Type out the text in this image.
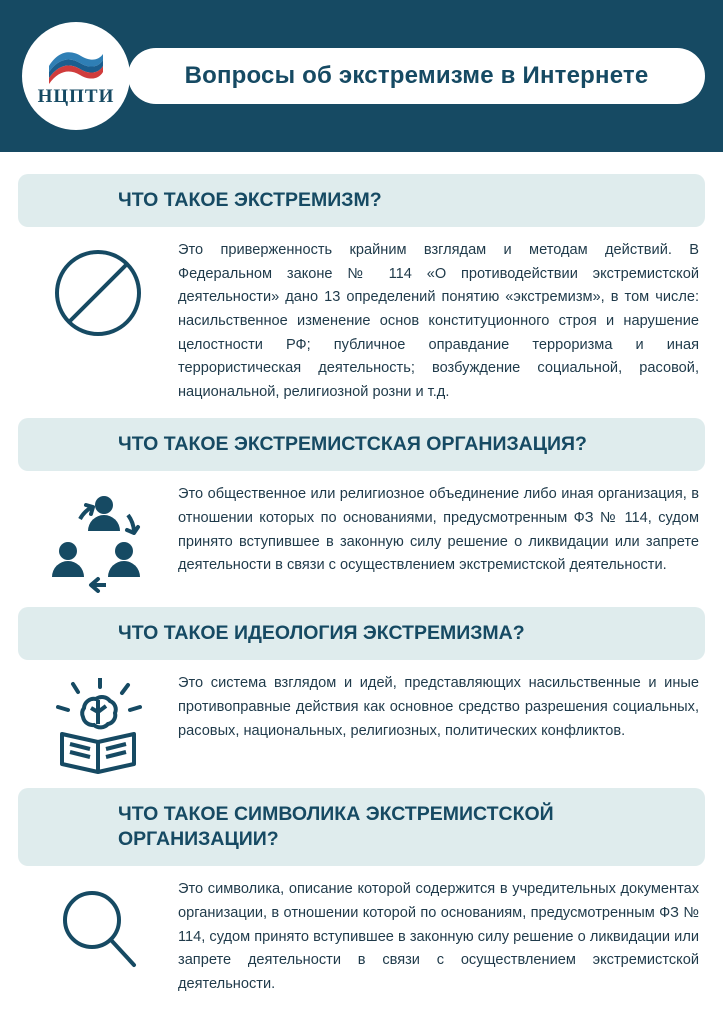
НЦПТИ
Вопросы об экстремизме в Интернете
ЧТО ТАКОЕ ЭКСТРЕМИЗМ?

Это приверженность крайним взглядам и методам действий. В Федеральном законе № 114 «О противодействии экстремистской деятельности» дано 13 определений понятию «экстремизм», в том числе: насильственное изменение основ конституционного строя и нарушение целостности РФ; публичное оправдание терроризма и иная террористическая деятельность; возбуждение социальной, расовой, национальной, религиозной розни и т.д.

ЧТО ТАКОЕ ЭКСТРЕМИСТСКАЯ ОРГАНИЗАЦИЯ?

Это общественное или религиозное объединение либо иная организация, в отношении которых по основаниями, предусмотренным ФЗ № 114, судом принято вступившее в законную силу решение о ликвидации или запрете деятельности в связи с осуществлением экстремистской деятельности.

ЧТО ТАКОЕ ИДЕОЛОГИЯ ЭКСТРЕМИЗМА?

Это система взглядом и идей, представляющих насильственные и иные противоправные действия как основное средство разрешения социальных, расовых, национальных, религиозных, политических конфликтов.

ЧТО ТАКОЕ СИМВОЛИКА ЭКСТРЕМИСТСКОЙ ОРГАНИЗАЦИИ?

Это символика, описание которой содержится в учредительных документах организации, в отношении которой по основаниям, предусмотренным ФЗ № 114, судом принято вступившее в законную силу решение о ликвидации или запрете деятельности в связи с осуществлением экстремистской деятельности.
